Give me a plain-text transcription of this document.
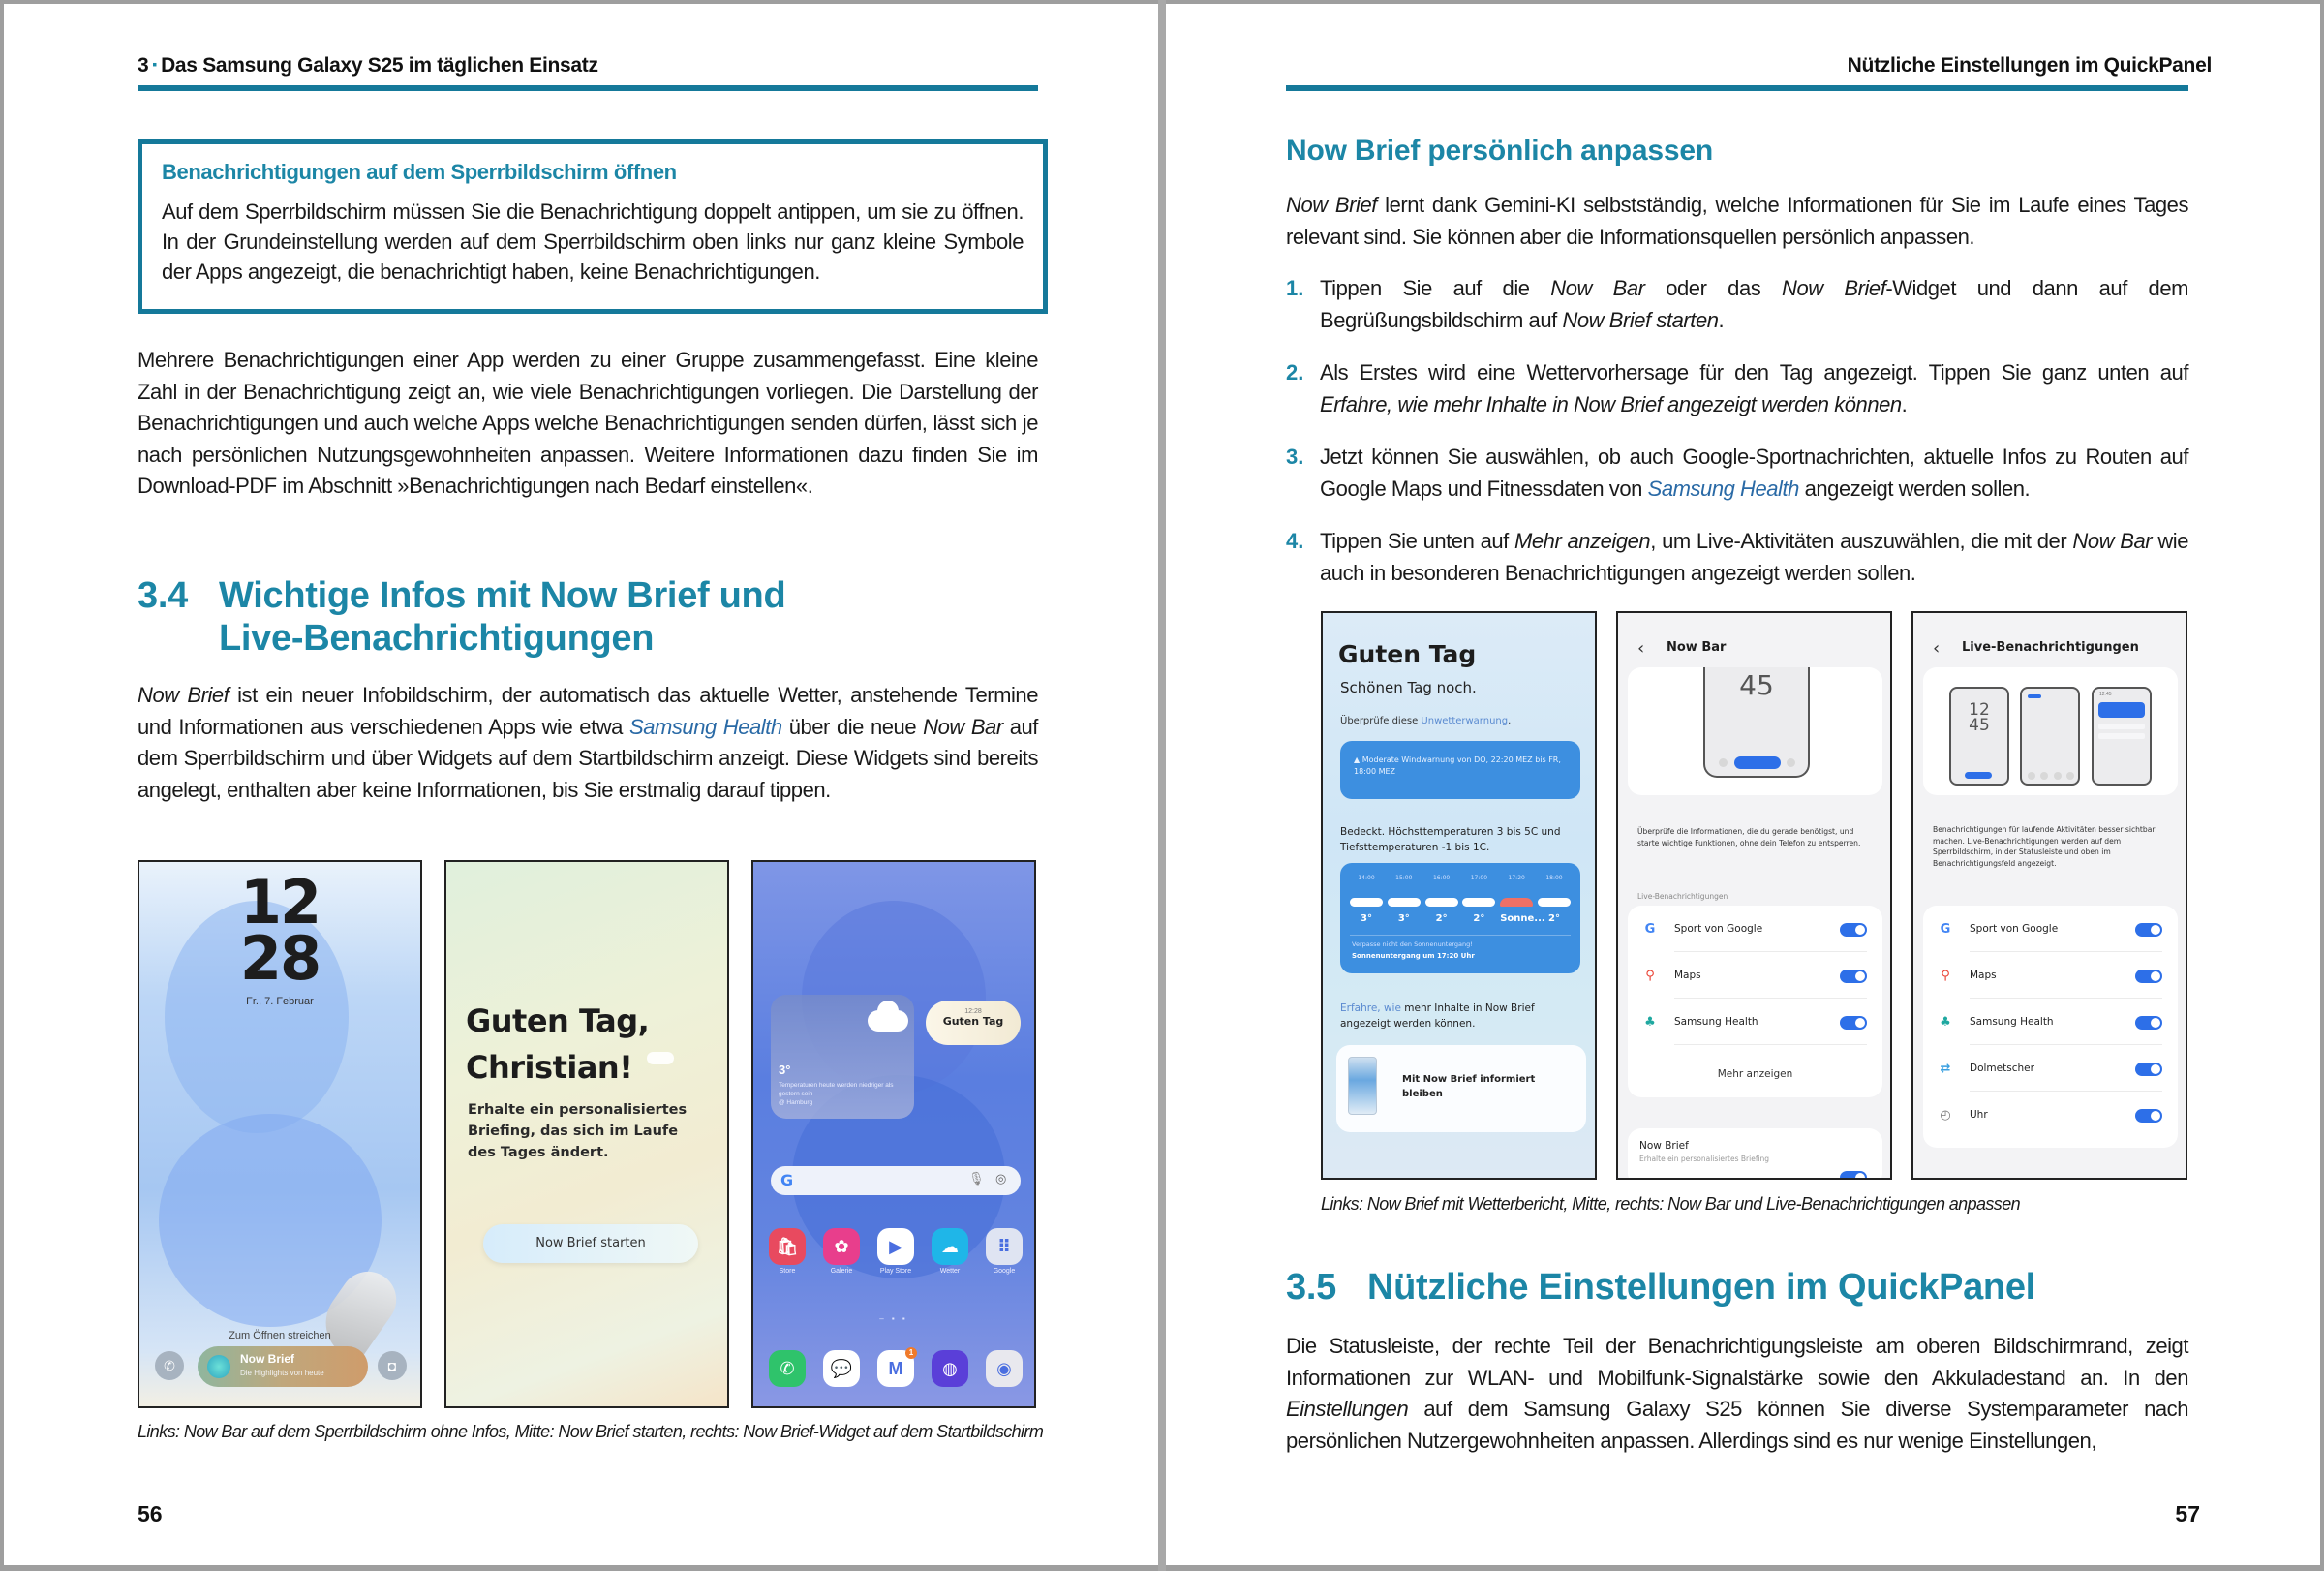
3 ▪ Das Samsung Galaxy S25 im täglichen Einsatz
Benachrichtigungen auf dem Sperrbildschirm öffnen
Auf dem Sperrbildschirm müssen Sie die Benachrichtigung doppelt antippen, um sie zu öffnen. In der Grundeinstellung werden auf dem Sperrbildschirm oben links nur ganz kleine Symbole der Apps angezeigt, die benachrichtigt haben, keine Benachrichtigungen.
Mehrere Benachrichtigungen einer App werden zu einer Gruppe zusammengefasst. Eine kleine Zahl in der Benachrichtigung zeigt an, wie viele Benachrichtigungen vorliegen. Die Darstellung der Benachrichtigungen und auch welche Apps welche Benachrichtigungen senden dürfen, lässt sich je nach persönlichen Nutzungsgewohnheiten anpassen. Weitere Informationen dazu finden Sie im Download-PDF im Abschnitt »Benachrichtigungen nach Bedarf einstellen«.
3.4 Wichtige Infos mit Now Brief und
Live-Benachrichtigungen
Now Brief ist ein neuer Infobildschirm, der automatisch das aktuelle Wetter, anstehende Termine und Informationen aus verschiedenen Apps wie etwa Samsung Health über die neue Now Bar auf dem Sperrbildschirm und über Widgets auf dem Startbildschirm anzeigt. Diese Widgets sind bereits angelegt, enthalten aber keine Informationen, bis Sie erstmalig darauf tippen.
12
28
Fr., 7. Februar
Zum Öffnen streichen
✆	Now Brief
Die Highlights von heute	◘
Guten Tag,
Christian!
Erhalte ein personalisiertes Briefing, das sich im Laufe des Tages ändert.
Now Brief starten
3°
Temperaturen heute werden niedriger als gestern sein
@ Hamburg
12:28
Guten Tag
G	🎙 ◎
🛍
Store
✿
Galerie
▶
Play Store
☁
Wetter
⠿
Google
– ▪ ▪
✆	💬	M
1
◍	◉
Links: Now Bar auf dem Sperrbildschirm ohne Infos, Mitte: Now Brief starten, rechts: Now Brief-Widget auf dem Startbildschirm
56
Nützliche Einstellungen im QuickPanel
Now Brief persönlich anpassen
Now Brief lernt dank Gemini-KI selbstständig, welche Informationen für Sie im Laufe eines Tages relevant sind. Sie können aber die Informationsquellen persönlich anpassen.
1. Tippen Sie auf die Now Bar oder das Now Brief-Widget und dann auf dem Begrüßungsbildschirm auf Now Brief starten.
2. Als Erstes wird eine Wettervorhersage für den Tag angezeigt. Tippen Sie ganz unten auf Erfahre, wie mehr Inhalte in Now Brief angezeigt werden können.
3. Jetzt können Sie auswählen, ob auch Google-Sportnachrichten, aktuelle Infos zu Routen auf Google Maps und Fitnessdaten von Samsung Health angezeigt werden sollen.
4. Tippen Sie unten auf Mehr anzeigen, um Live-Aktivitäten auszuwählen, die mit der Now Bar wie auch in besonderen Benachrichtigungen angezeigt werden sollen.
Guten Tag
Schönen Tag noch.
Überprüfe diese Unwetterwarnung.
▲ Moderate Windwarnung von DO, 22:20 MEZ bis FR, 18:00 MEZ
Bedeckt. Höchsttemperaturen 3 bis 5C und Tiefsttemperaturen -1 bis 1C.
14:00	15:00	16:00	17:00	17:20	18:00
3°	3°	2°	2°	Sonne... 2°
Verpasse nicht den Sonnenuntergang!
Sonnenuntergang um 17:20 Uhr
Erfahre, wie mehr Inhalte in Now Brief angezeigt werden können.
Mit Now Brief informiert bleiben
‹ Now Bar
45
Überprüfe die Informationen, die du gerade benötigst, und starte wichtige Funktionen, ohne dein Telefon zu entsperren.
Live-Benachrichtigungen
Mehr anzeigen
G	Sport von Google
⚲	Maps
♣	Samsung Health
Now Brief
Erhalte ein personalisiertes Briefing
‹ Live-Benachrichtigungen
12
45
12:45
Benachrichtigungen für laufende Aktivitäten besser sichtbar machen. Live-Benachrichtigungen werden auf dem Sperrbildschirm, in der Statusleiste und oben im Benachrichtigungsfeld angezeigt.
G	Sport von Google
⚲	Maps
♣	Samsung Health
⇄	Dolmetscher
◴	Uhr
Links: Now Brief mit Wetterbericht, Mitte, rechts: Now Bar und Live-Benachrichtigungen anpassen
3.5 Nützliche Einstellungen im QuickPanel
Die Statusleiste, der rechte Teil der Benachrichtigungsleiste am oberen Bildschirmrand, zeigt Informationen zur WLAN- und Mobilfunk-Signalstärke sowie den Akkuladestand an. In den Einstellungen auf dem Samsung Galaxy S25 können Sie diverse Systemparameter nach persönlichen Nutzergewohnheiten anpassen. Allerdings sind es nur wenige Einstellungen,
57
